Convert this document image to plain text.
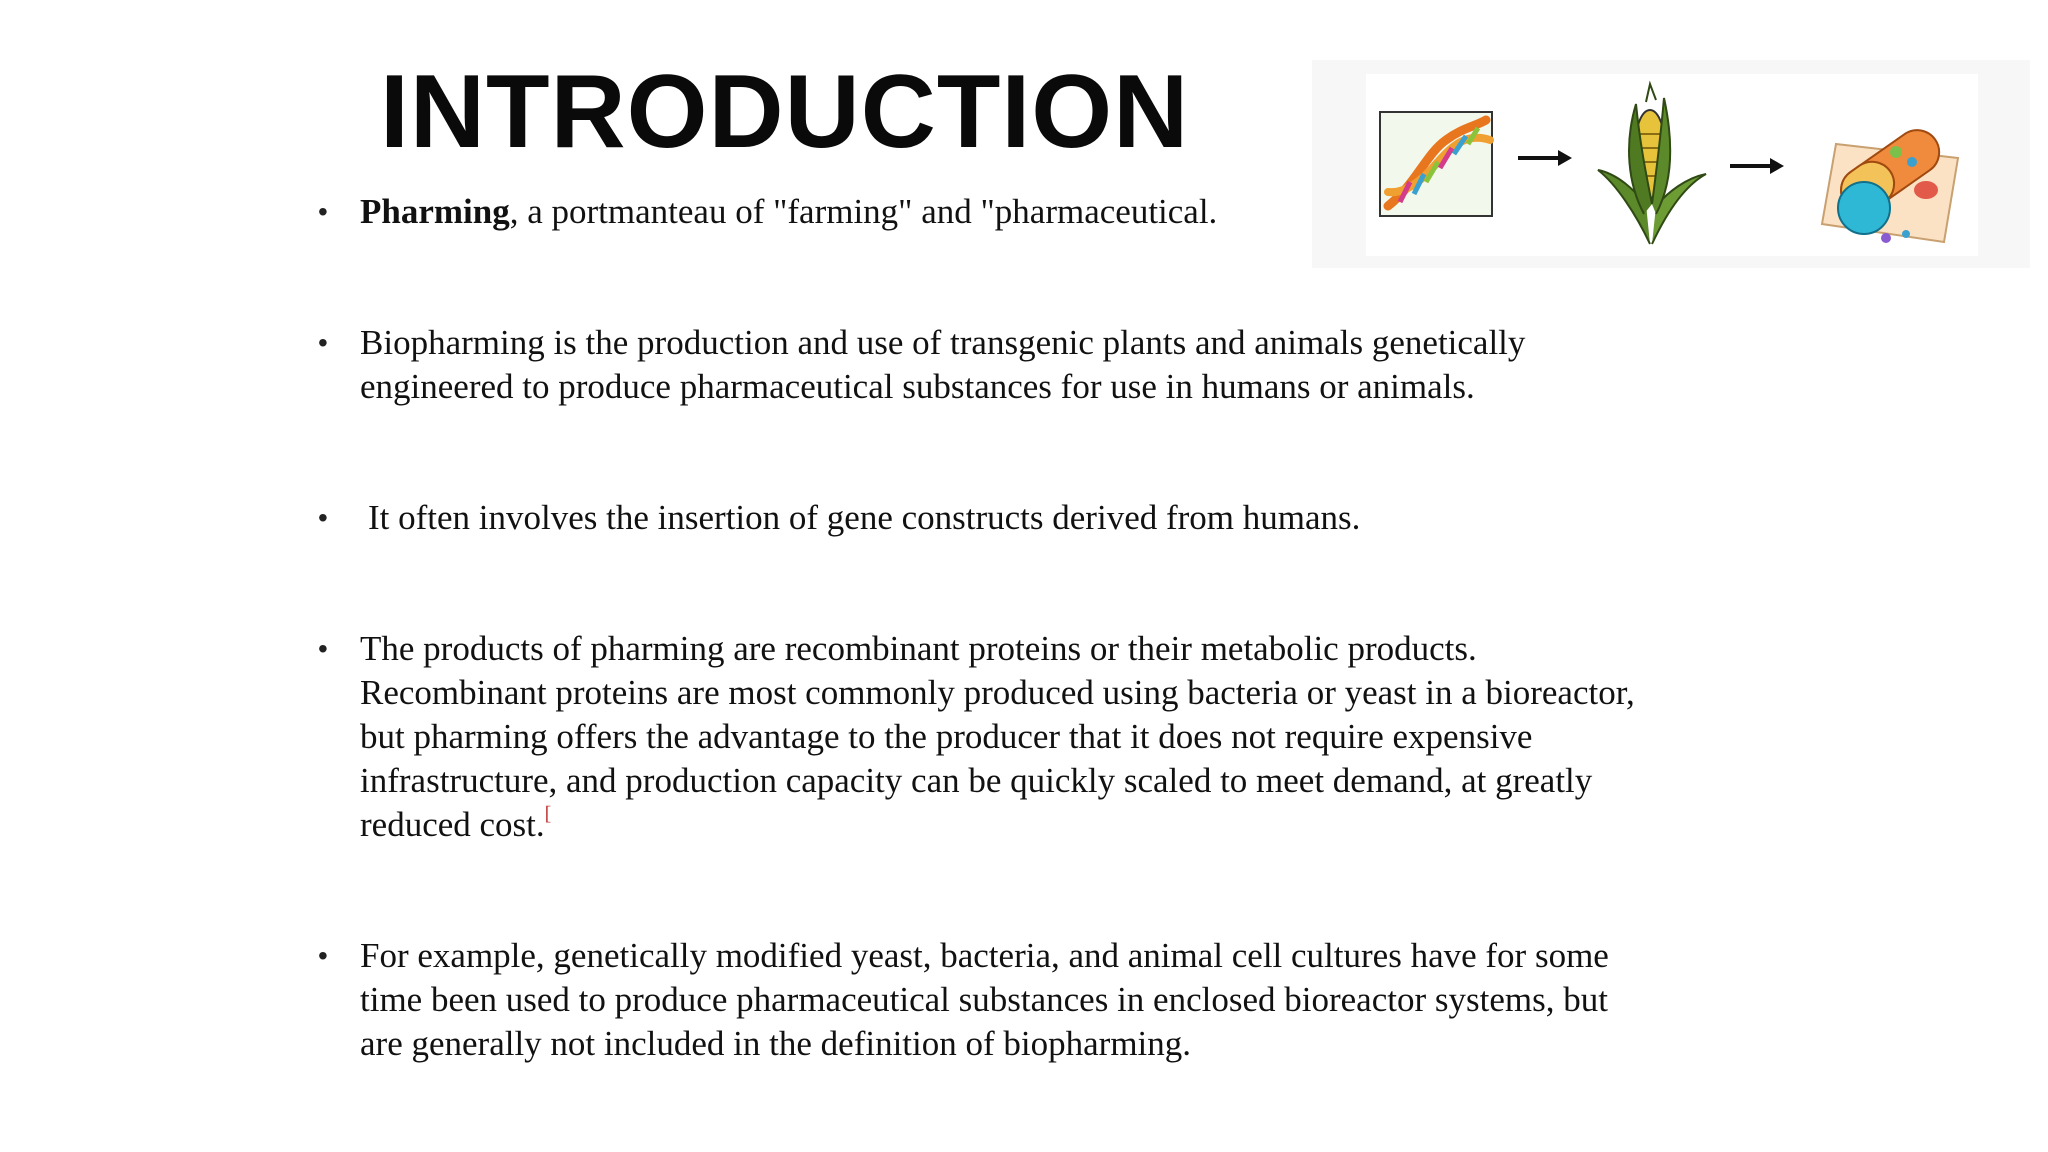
INTRODUCTION
• Pharming, a portmanteau of "farming" and "pharmaceutical.
• Biopharming is the production and use of transgenic plants and animals genetically
engineered to produce pharmaceutical substances for use in humans or animals.
• It often involves the insertion of gene constructs derived from humans.
• The products of pharming are recombinant proteins or their metabolic products.
Recombinant proteins are most commonly produced using bacteria or yeast in a bioreactor,
but pharming offers the advantage to the producer that it does not require expensive
infrastructure, and production capacity can be quickly scaled to meet demand, at greatly
reduced cost.[
• For example, genetically modified yeast, bacteria, and animal cell cultures have for some
time been used to produce pharmaceutical substances in enclosed bioreactor systems, but
are generally not included in the definition of biopharming.
